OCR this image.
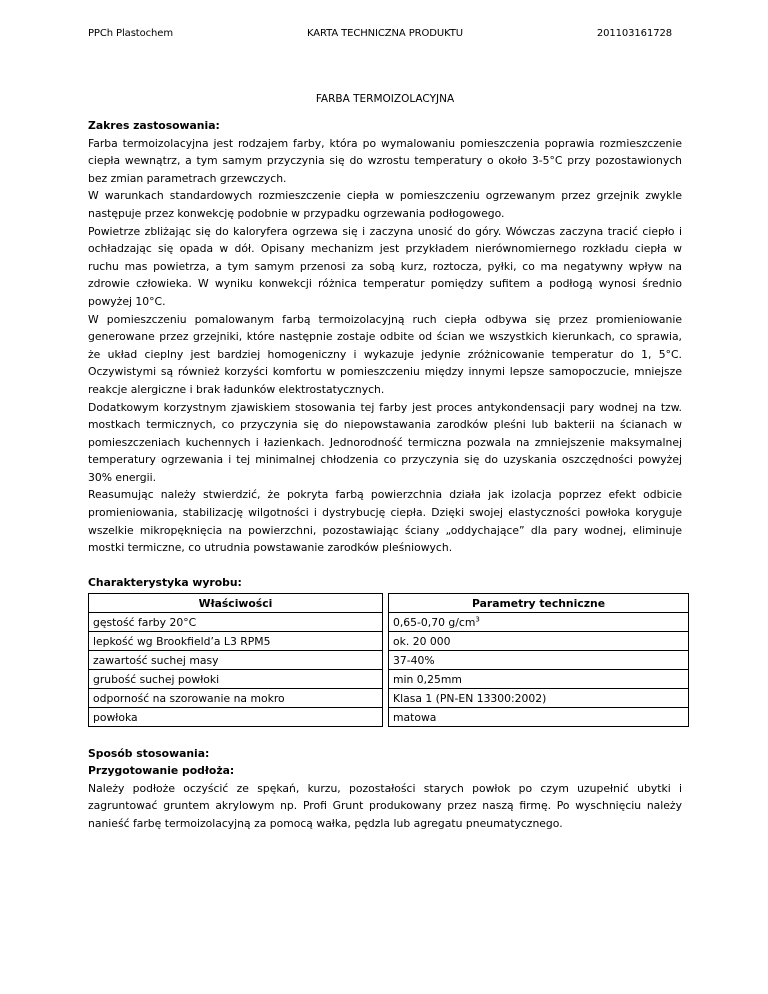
PPCh Plastochem	KARTA TECHNICZNA PRODUKTU	201103161728
FARBA TERMOIZOLACYJNA

Zakres zastosowania:

Farba termoizolacyjna jest rodzajem farby, która po wymalowaniu pomieszczenia poprawia rozmieszczenie ciepła wewnątrz, a tym samym przyczynia się do wzrostu temperatury o około 3-5°C przy pozostawionych bez zmian parametrach grzewczych.

W warunkach standardowych rozmieszczenie ciepła w pomieszczeniu ogrzewanym przez grzejnik zwykle następuje przez konwekcję podobnie w przypadku ogrzewania podłogowego.

Powietrze zbliżając się do kaloryfera ogrzewa się i zaczyna unosić do góry. Wówczas zaczyna tracić ciepło i ochładzając się opada w dół. Opisany mechanizm jest przykładem nierównomiernego rozkładu ciepła w ruchu mas powietrza, a tym samym przenosi za sobą kurz, roztocza, pyłki, co ma negatywny wpływ na zdrowie człowieka. W wyniku konwekcji różnica temperatur pomiędzy sufitem a podłogą wynosi średnio powyżej 10°C.

W pomieszczeniu pomalowanym farbą termoizolacyjną ruch ciepła odbywa się przez promieniowanie generowane przez grzejniki, które następnie zostaje odbite od ścian we wszystkich kierunkach, co sprawia, że układ cieplny jest bardziej homogeniczny i wykazuje jedynie zróżnicowanie temperatur do 1, 5°C. Oczywistymi są również korzyści komfortu w pomieszczeniu między innymi lepsze samopoczucie, mniejsze reakcje alergiczne i brak ładunków elektrostatycznych.

Dodatkowym korzystnym zjawiskiem stosowania tej farby jest proces antykondensacji pary wodnej na tzw. mostkach termicznych, co przyczynia się do niepowstawania zarodków pleśni lub bakterii na ścianach w pomieszczeniach kuchennych i łazienkach. Jednorodność termiczna pozwala na zmniejszenie maksymalnej temperatury ogrzewania i tej minimalnej chłodzenia co przyczynia się do uzyskania oszczędności powyżej 30% energii.

Reasumując należy stwierdzić, że pokryta farbą powierzchnia działa jak izolacja poprzez efekt odbicie promieniowania, stabilizację wilgotności i dystrybucję ciepła. Dzięki swojej elastyczności powłoka koryguje wszelkie mikropęknięcia na powierzchni, pozostawiając ściany „oddychające” dla pary wodnej, eliminuje mostki termiczne, co utrudnia powstawanie zarodków pleśniowych.

Charakterystyka wyrobu:

Właściwości		Parametry techniczne
gęstość farby 20°C		0,65-0,70 $g/cm^3$
lepkość wg Brookfield’a L3 RPM5		ok. 20 000
zawartość suchej masy		37-40%
grubość suchej powłoki		min 0,25mm
odporność na szorowanie na mokro		Klasa 1 (PN-EN 13300:2002)
powłoka		matowa

Sposób stosowania:

Przygotowanie podłoża:

Należy podłoże oczyścić ze spękań, kurzu, pozostałości starych powłok po czym uzupełnić ubytki i zagruntować gruntem akrylowym np. Profi Grunt produkowany przez naszą firmę. Po wyschnięciu należy nanieść farbę termoizolacyjną za pomocą wałka, pędzla lub agregatu pneumatycznego.
